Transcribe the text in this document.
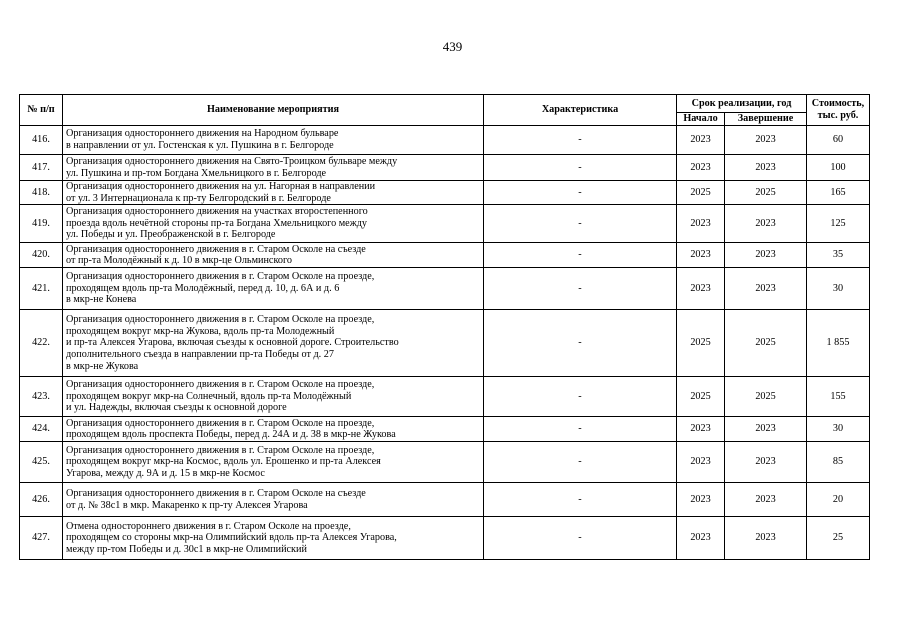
439
№ п/п	Наименование мероприятия	Характеристика	Срок реализации, год		Стоимость, тыс. руб.
			Начало	Завершение	
416.	Организация одностороннего движения на Народном бульваре
в направлении от ул. Гостенская к ул. Пушкина в г. Белгороде	-	2023	2023	60
417.	Организация одностороннего движения на Свято-Троицком бульваре между
ул. Пушкина и пр-том Богдана Хмельницкого в г. Белгороде	-	2023	2023	100
418.	Организация одностороннего движения на ул. Нагорная в направлении
от ул. 3 Интернационала к пр-ту Белгородский в г. Белгороде	-	2025	2025	165
419.	Организация одностороннего движения на участках второстепенного
проезда вдоль нечётной стороны пр-та Богдана Хмельницкого между
ул. Победы и ул. Преображенской в г. Белгороде	-	2023	2023	125
420.	Организация одностороннего движения в г. Старом Осколе на съезде
от пр-та Молодёжный к д. 10 в мкр-це Ольминского	-	2023	2023	35
421.	Организация одностороннего движения в г. Старом Осколе на проезде,
проходящем вдоль пр-та Молодёжный, перед д. 10, д. 6А и д. 6
в мкр-не Конева	-	2023	2023	30
422.	Организация одностороннего движения в г. Старом Осколе на проезде,
проходящем вокруг мкр-на Жукова, вдоль пр-та Молодежный
и пр-та Алексея Угарова, включая съезды к основной дороге. Строительство
дополнительного съезда в направлении пр-та Победы от д. 27
в мкр-не Жукова	-	2025	2025	1 855
423.	Организация одностороннего движения в г. Старом Осколе на проезде,
проходящем вокруг мкр-на Солнечный, вдоль пр-та Молодёжный
и ул. Надежды, включая съезды к основной дороге	-	2025	2025	155
424.	Организация одностороннего движения в г. Старом Осколе на проезде,
проходящем вдоль проспекта Победы, перед д. 24А и д. 38 в мкр-не Жукова	-	2023	2023	30
425.	Организация одностороннего движения в г. Старом Осколе на проезде,
проходящем вокруг мкр-на Космос, вдоль ул. Ерошенко и пр-та Алексея
Угарова, между д. 9А и д. 15 в мкр-не Космос	-	2023	2023	85
426.	Организация одностороннего движения в г. Старом Осколе на съезде
от д. № 38с1 в мкр. Макаренко к пр-ту Алексея Угарова	-	2023	2023	20
427.	Отмена одностороннего движения в г. Старом Осколе на проезде,
проходящем со стороны мкр-на Олимпийский вдоль пр-та Алексея Угарова,
между пр-том Победы и д. 30с1 в мкр-не Олимпийский	-	2023	2023	25
